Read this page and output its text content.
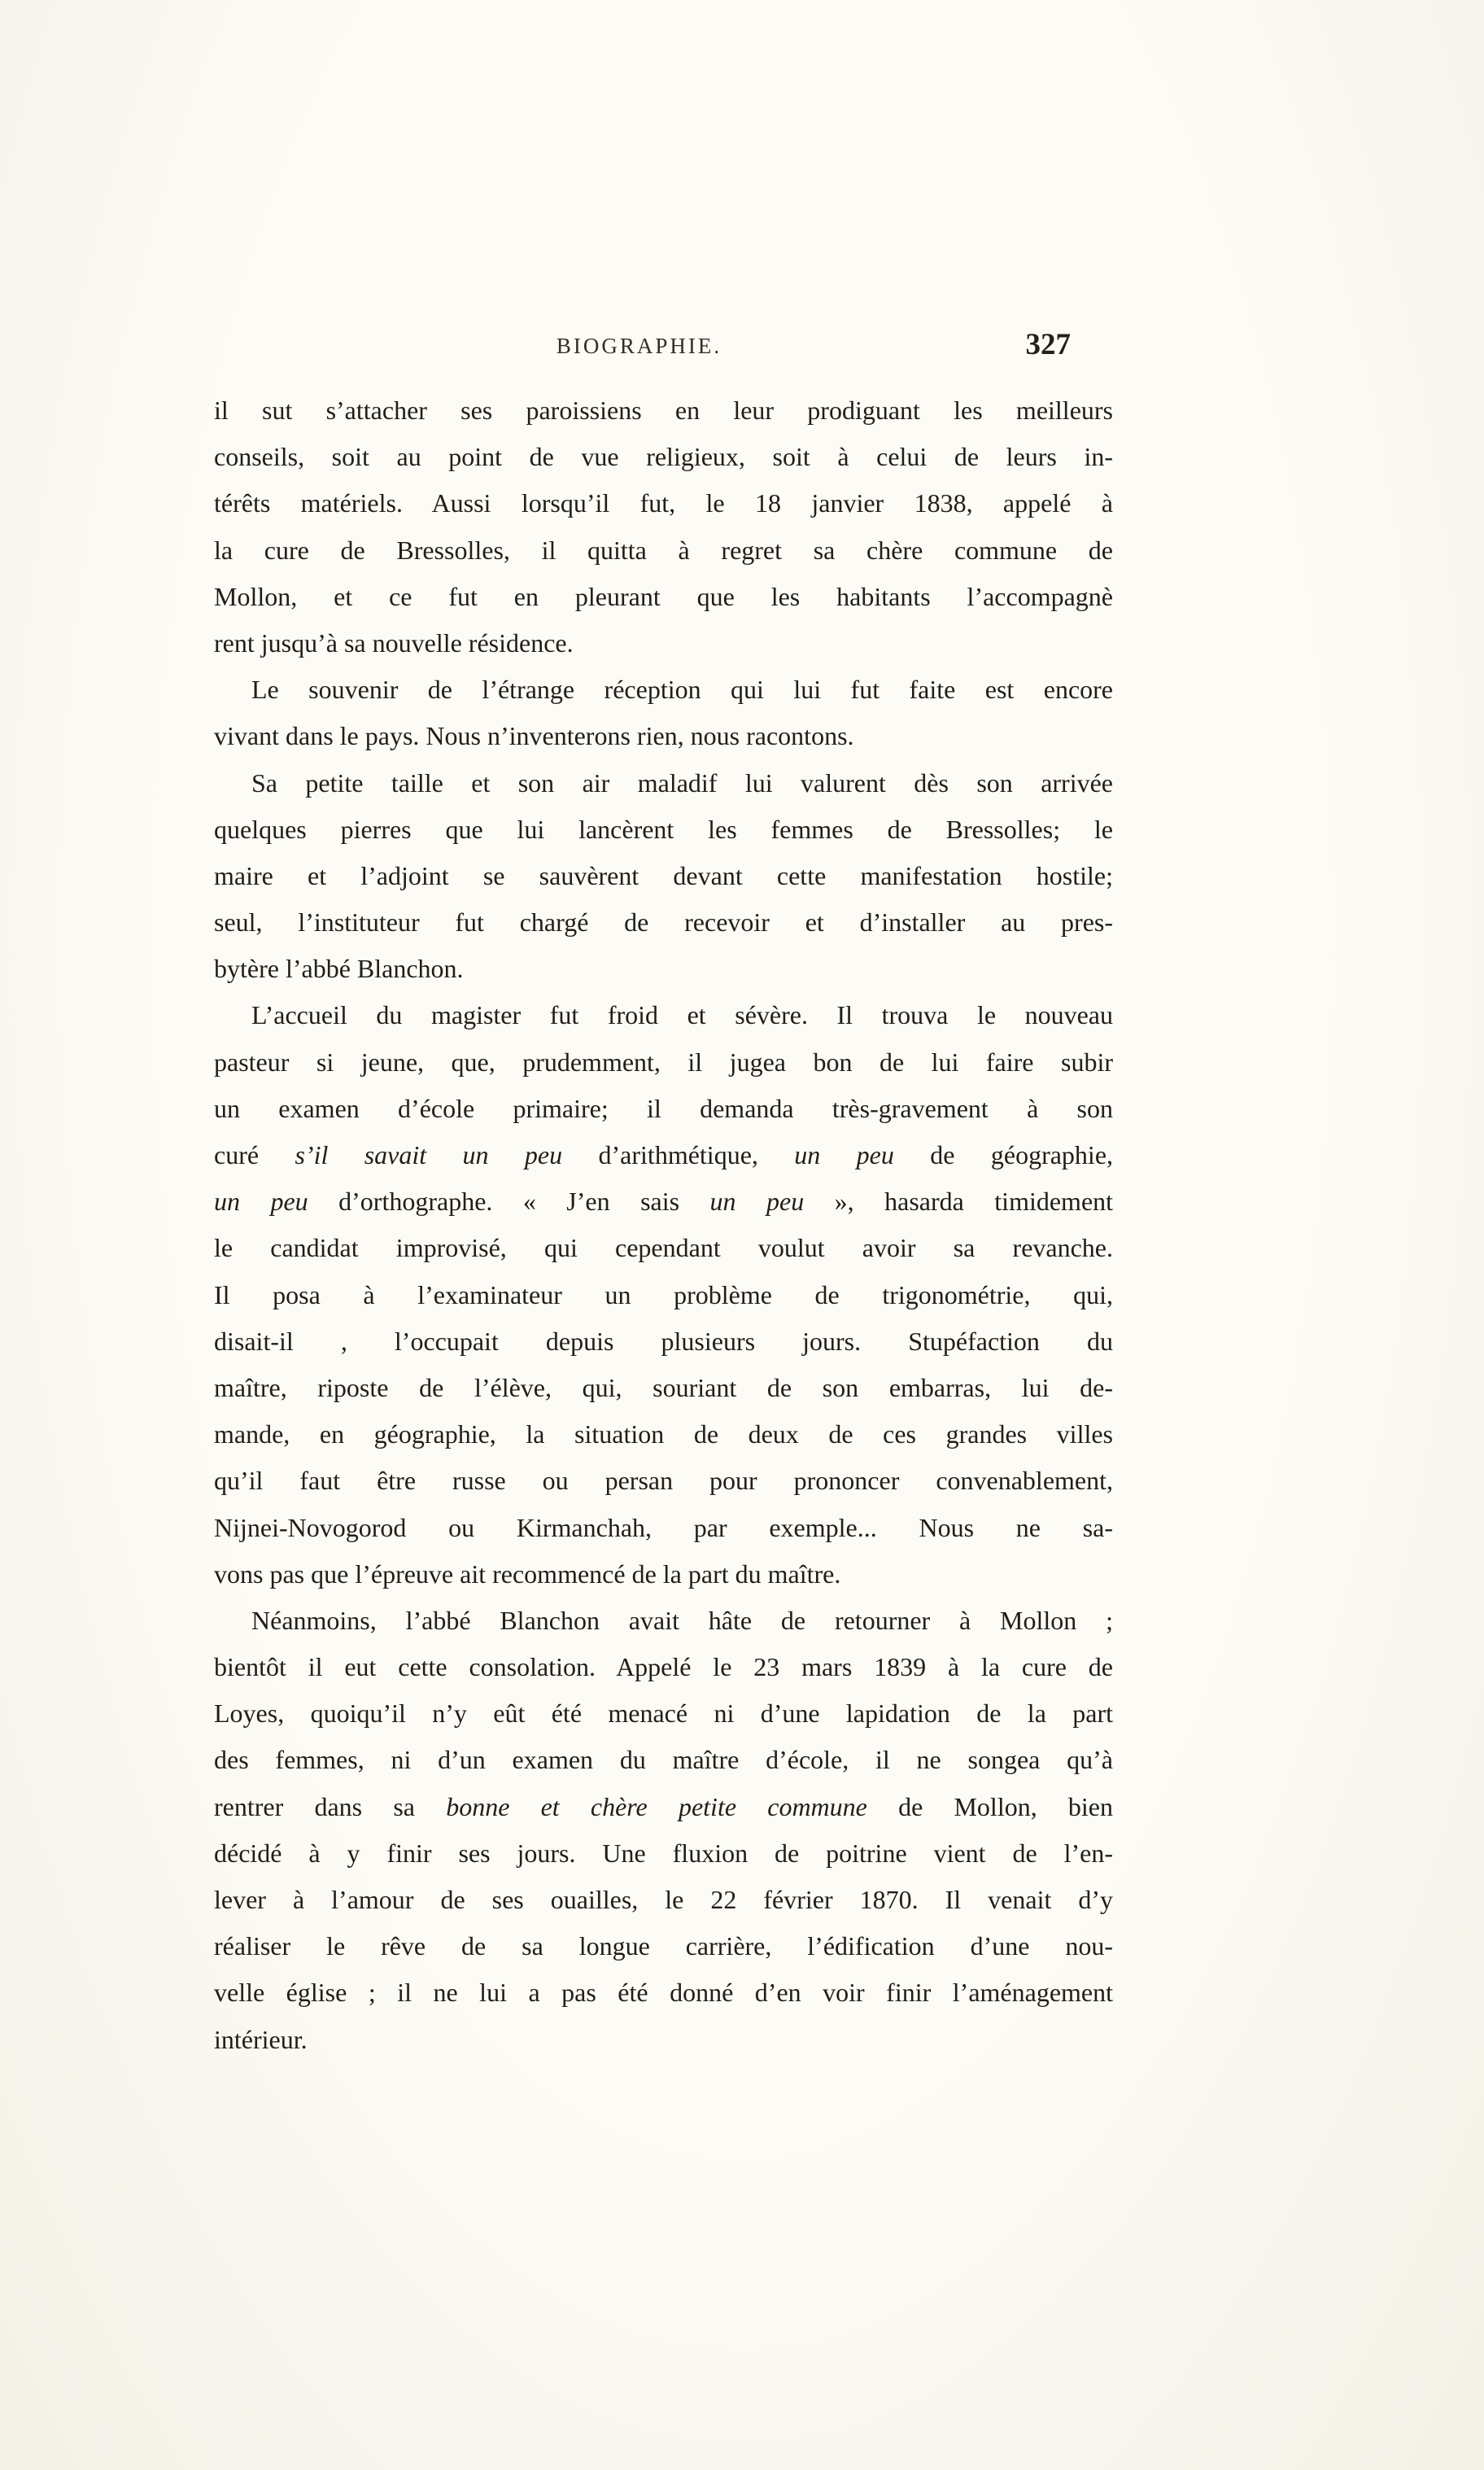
BIOGRAPHIE.	327
il sut s’attacher ses paroissiens en leur prodiguant les meilleurs
conseils, soit au point de vue religieux, soit à celui de leurs in-
térêts matériels. Aussi lorsqu’il fut, le 18 janvier 1838, appelé à
la cure de Bressolles, il quitta à regret sa chère commune de
Mollon, et ce fut en pleurant que les habitants l’accompagnè
rent jusqu’à sa nouvelle résidence.
Le souvenir de l’étrange réception qui lui fut faite est encore
vivant dans le pays. Nous n’inventerons rien, nous racontons.
Sa petite taille et son air maladif lui valurent dès son arrivée
quelques pierres que lui lancèrent les femmes de Bressolles; le
maire et l’adjoint se sauvèrent devant cette manifestation hostile;
seul, l’instituteur fut chargé de recevoir et d’installer au pres-
bytère l’abbé Blanchon.
L’accueil du magister fut froid et sévère. Il trouva le nouveau
pasteur si jeune, que, prudemment, il jugea bon de lui faire subir
un examen d’école primaire; il demanda très-gravement à son
curé s’il savait un peu d’arithmétique, un peu de géographie,
un peu d’orthographe. « J’en sais un peu », hasarda timidement
le candidat improvisé, qui cependant voulut avoir sa revanche.
Il posa à l’examinateur un problème de trigonométrie, qui,
disait-il , l’occupait depuis plusieurs jours. Stupéfaction du
maître, riposte de l’élève, qui, souriant de son embarras, lui de-
mande, en géographie, la situation de deux de ces grandes villes
qu’il faut être russe ou persan pour prononcer convenablement,
Nijnei-Novogorod ou Kirmanchah, par exemple... Nous ne sa-
vons pas que l’épreuve ait recommencé de la part du maître.
Néanmoins, l’abbé Blanchon avait hâte de retourner à Mollon ;
bientôt il eut cette consolation. Appelé le 23 mars 1839 à la cure de
Loyes, quoiqu’il n’y eût été menacé ni d’une lapidation de la part
des femmes, ni d’un examen du maître d’école, il ne songea qu’à
rentrer dans sa bonne et chère petite commune de Mollon, bien
décidé à y finir ses jours. Une fluxion de poitrine vient de l’en-
lever à l’amour de ses ouailles, le 22 février 1870. Il venait d’y
réaliser le rêve de sa longue carrière, l’édification d’une nou-
velle église ; il ne lui a pas été donné d’en voir finir l’aménagement
intérieur.
